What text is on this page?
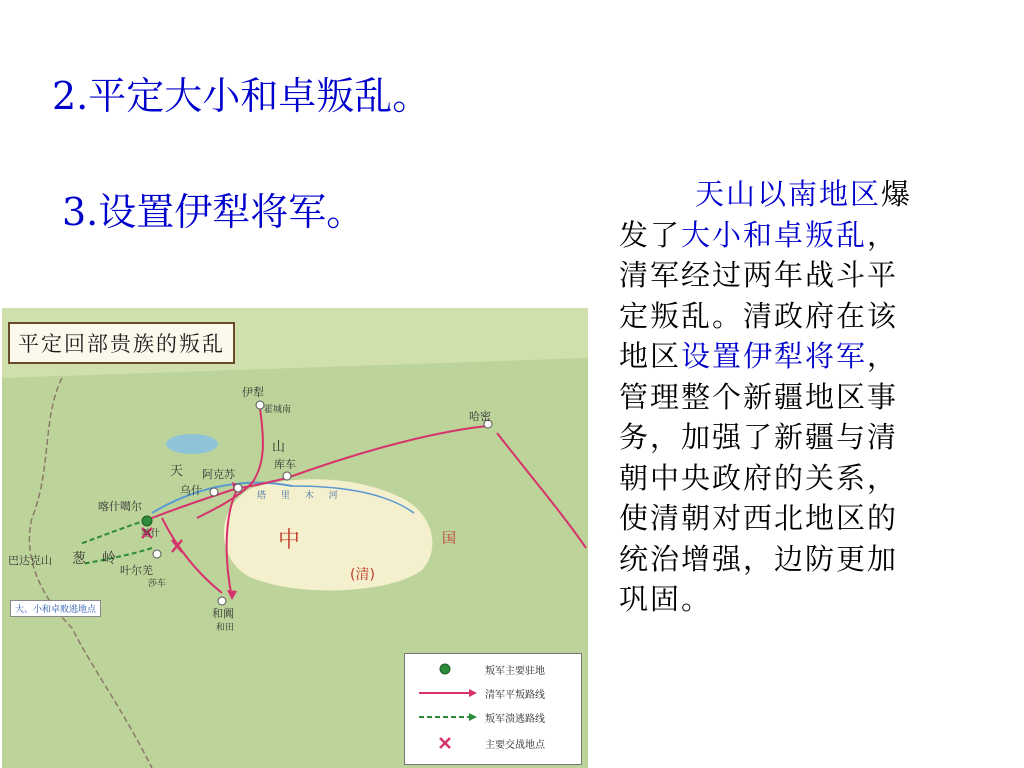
2.平定大小和卓叛乱。
3.设置伊犁将军。	天山以南地区爆
发了大小和卓叛乱，
清军经过两年战斗平
定叛乱。清政府在该
地区设置伊犁将军，
管理整个新疆地区事
务，加强了新疆与清
朝中央政府的关系，
使清朝对西北地区的
统治增强，边防更加
巩固。
平定回部贵族的叛乱
伊犁
霍城南
山
库车
哈密
天 阿克苏
乌什
喀什噶尔
喀什
叶尔羌
莎车
和阗
和田
巴达克山 葱 岭
中	国
(清)
塔 里 木 河
大、小和卓败逃地点
叛军主要驻地
清军平叛路线
叛军溃逃路线
主要交战地点
